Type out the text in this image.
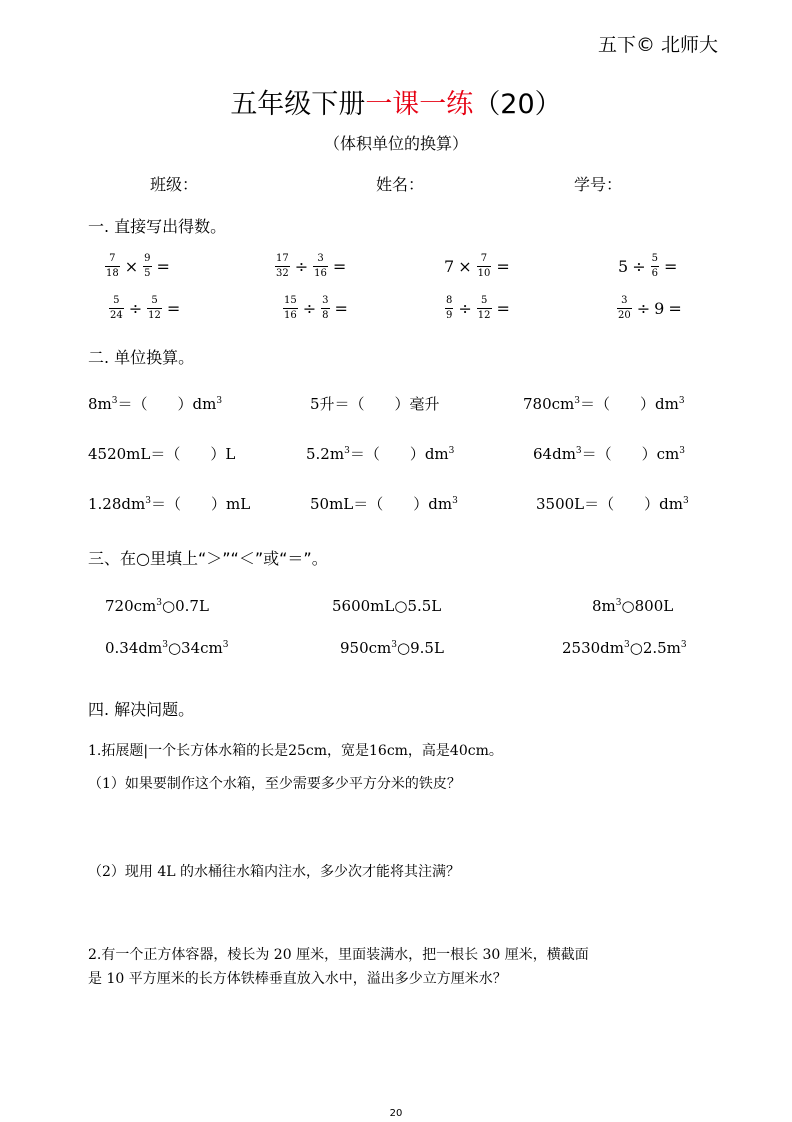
五下© 北师大
五年级下册一课一练（20）
（体积单位的换算）
班级：	姓名：	学号：
一. 直接写出得数。
$\frac{7}{18} \times \frac{9}{5}$ =	$\frac{17}{32} \div \frac{3}{16}$ =	$7 \times \frac{7}{10}$ =	$5 \div \frac{5}{6}$ =
$\frac{5}{24} \div \frac{5}{12}$ =	$\frac{15}{16} \div \frac{3}{8}$ =	$\frac{8}{9} \div \frac{5}{12}$ =	$\frac{3}{20} \div 9$ =
二. 单位换算。
$8m^3=$（　　）$dm^3$	5升＝（　　）毫升	$780cm^3=$（　　）$dm^3$
4520mL＝（　　）L	$5.2m^3=$（　　）$dm^3$	$64dm^3=$（　　）$cm^3$
$1.28dm^3=$（　　）mL	50mL＝（　　）$dm^3$	3500L＝（　　）$dm^3$
三、在○里填上“＞”“＜”或“＝”。
$720cm^3○0.7L$	5600mL○5.5L	$8m^3○800L$
$0.34dm^3○34cm^3$	$950cm^3○9.5L$	$2530dm^3○2.5m^3$
四. 解决问题。
1.拓展题|一个长方体水箱的长是25cm，宽是16cm，高是40cm。
（1）如果要制作这个水箱，至少需要多少平方分米的铁皮？
（2）现用 4L 的水桶往水箱内注水，多少次才能将其注满？
2.有一个正方体容器，棱长为 20 厘米，里面装满水，把一根长 30 厘米，横截面
是 10 平方厘米的长方体铁棒垂直放入水中，溢出多少立方厘米水？
20
